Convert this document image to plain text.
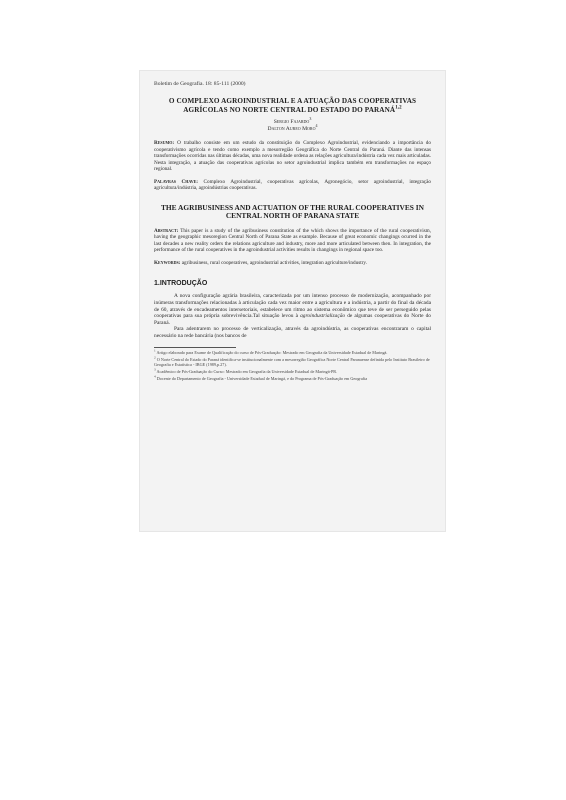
Boletim de Geografia. 18: 85-111 (2000)
O COMPLEXO AGROINDUSTRIAL E A ATUAÇÃO DAS COOPERATIVAS AGRÍCOLAS NO NORTE CENTRAL DO ESTADO DO PARANÁ$^{1,2}$
Sergio Fajardo$^3$
Dalton Aureo Moro$^4$
Resumo: O trabalho consiste em um estudo da constituição do Complexo Agroindustrial, evidenciando a importância do cooperativismo agrícola e tendo como exemplo a mesorregião Geográfica do Norte Central do Paraná. Diante das intensas transformações ocorridas nas últimas décadas, uma nova realidade ordena as relações agricultura/indústria cada vez mais articuladas. Nesta integração, a atuação das cooperativas agrícolas no setor agroindustrial implica também em transformações no espaço regional.
Palavras Chave: Complexo Agroindustrial, cooperativas agrícolas, Agronegócio, setor agroindustrial, integração agricultura/indústria, agroindústrias cooperativas.
THE AGRIBUSINESS AND ACTUATION OF THE RURAL COOPERATIVES IN CENTRAL NORTH OF PARANA STATE
Abstract: This paper is a study of the agribusiness constitution of the which shows the importance of the rural cooperativism, having the geographic mesoregion Central North of Parana State as example. Because of great economic changings ocurred in the last decades a new reality orders the relations agriculture and industry, more and more articulated between then. In integration, the performance of the rural cooperatives in the agroindustrial activities results in changings in regional space too.
Keywords: agribusiness, rural cooperatives, agroindustrial activities, integration agriculture/industry.
1.INTRODUÇÃO
A nova configuração agrária brasileira, caracterizada por um intenso processo de modernização, acompanhado por inúmeras transformações relacionadas à articulação cada vez maior entre a agricultura e a indústria, a partir do final da década de 60, através de encadeamentos intersetoriais, estabelece um ritmo ao sistema econômico que teve de ser perseguido pelas cooperativas para sua própria sobrevivência.Tal situação levou à agroindustrialização de algumas cooperativas do Norte do Paraná.
Para adentrarem no processo de verticalização, através da agroindústria, as cooperativas encontraram o capital necessário na rede bancária (nos bancos de
$^1$ Artigo elaborado para Exame de Qualificação do curso de Pós-Graduação: Mestrado em Geografia da Universidade Estadual de Maringá.
$^2$ O Norte Central do Estado do Paraná identifica-se institucionalmente com a mesorregião Geográfica Norte Central Paranaense definida pelo Instituto Brasileiro de Geografia e Estatística - IBGE (1989,p.27).
$^3$ Acadêmico de Pós-Graduação do Curso: Mestrado em Geografia da Universidade Estadual de Maringá-PR.
$^4$ Docente do Departamento de Geografia - Universidade Estadual de Maringá, e do Programa de Pós-Graduação em Geografia
